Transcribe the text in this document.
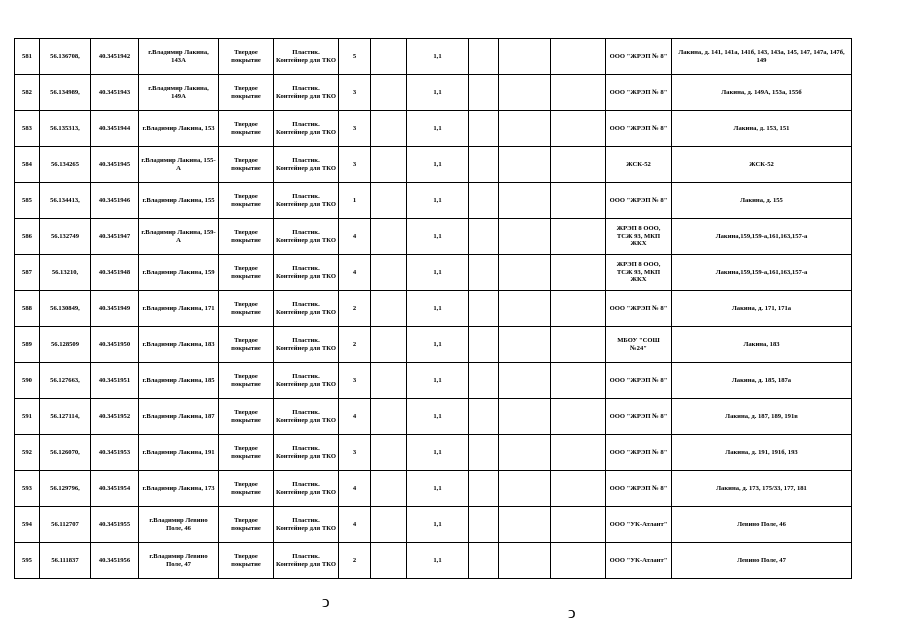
581	56.136708,	40.3451942	г.Владимир Лакина, 143А	Твердое покрытие	Пластик. Контейнер для ТКО	5		1,1				ООО "ЖРЭП № 8"	Лакина, д. 141, 141а, 141б, 143, 143а, 145, 147, 147а, 147б, 149
582	56.134989,	40.3451943	г.Владимир Лакина, 149А	Твердое покрытие	Пластик. Контейнер для ТКО	3		1,1				ООО "ЖРЭП № 8"	Лакина, д. 149А, 153а, 155б
583	56.135313,	40.3451944	г.Владимир Лакина, 153	Твердое покрытие	Пластик. Контейнер для ТКО	3		1,1				ООО "ЖРЭП № 8"	Лакина, д. 153, 151
584	56.134265	40.3451945	г.Владимир Лакина, 155-А	Твердое покрытие	Пластик. Контейнер для ТКО	3		1,1				ЖСК-52	ЖСК-52
585	56.134413,	40.3451946	г.Владимир Лакина, 155	Твердое покрытие	Пластик. Контейнер для ТКО	1		1,1				ООО "ЖРЭП № 8"	Лакина, д. 155
586	56.132749	40.3451947	г.Владимир Лакина, 159-А	Твердое покрытие	Пластик. Контейнер для ТКО	4		1,1				ЖРЭП 8 ООО, ТСЖ 93, МКП ЖКХ	Лакина,159,159-а,161,163,157-а
587	56.13210,	40.3451948	г.Владимир Лакина, 159	Твердое покрытие	Пластик. Контейнер для ТКО	4		1,1				ЖРЭП 8 ООО, ТСЖ 93, МКП ЖКХ	Лакина,159,159-а,161,163,157-а
588	56.130849,	40.3451949	г.Владимир Лакина, 171	Твердое покрытие	Пластик. Контейнер для ТКО	2		1,1				ООО "ЖРЭП № 8"	Лакина, д. 171, 171а
589	56.128509	40.3451950	г.Владимир Лакина, 183	Твердое покрытие	Пластик. Контейнер для ТКО	2		1,1				МБОУ "СОШ №24"	Лакина, 183
590	56.127663,	40.3451951	г.Владимир Лакина, 185	Твердое покрытие	Пластик. Контейнер для ТКО	3		1,1				ООО "ЖРЭП № 8"	Лакина, д. 185, 187а
591	56.127114,	40.3451952	г.Владимир Лакина, 187	Твердое покрытие	Пластик. Контейнер для ТКО	4		1,1				ООО "ЖРЭП № 8"	Лакина, д. 187, 189, 191в
592	56.126070,	40.3451953	г.Владимир Лакина, 191	Твердое покрытие	Пластик. Контейнер для ТКО	3		1,1				ООО "ЖРЭП № 8"	Лакина, д. 191, 191б, 193
593	56.129796,	40.3451954	г.Владимир Лакина, 173	Твердое покрытие	Пластик. Контейнер для ТКО	4		1,1				ООО "ЖРЭП № 8"	Лакина, д. 173, 175/33, 177, 181
594	56.112707	40.3451955	г.Владимир Левино Поле, 46	Твердое покрытие	Пластик. Контейнер для ТКО	4		1,1				ООО "УК-Атлант"	Левино Поле, 46
595	56.111837	40.3451956	г.Владимир Левино Поле, 47	Твердое покрытие	Пластик. Контейнер для ТКО	2		1,1				ООО "УК-Атлант"	Левино Поле, 47
ↄ
ↄ
